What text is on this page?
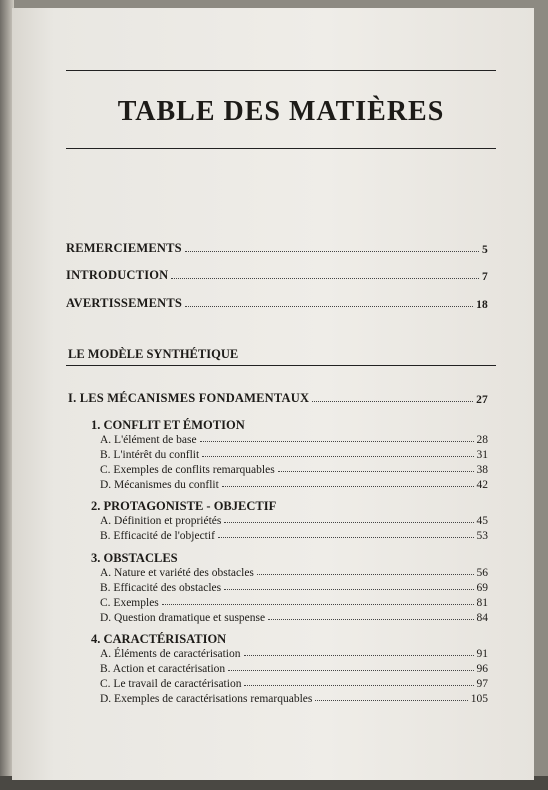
TABLE DES MATIÈRES
REMERCIEMENTS	5
INTRODUCTION	7
AVERTISSEMENTS	18
LE MODÈLE SYNTHÉTIQUE
I. LES MÉCANISMES FONDAMENTAUX	27
1. CONFLIT ET ÉMOTION
A. L'élément de base	28
B. L'intérêt du conflit	31
C. Exemples de conflits remarquables	38
D. Mécanismes du conflit	42
2. PROTAGONISTE - OBJECTIF
A. Définition et propriétés	45
B. Efficacité de l'objectif	53
3. OBSTACLES
A. Nature et variété des obstacles	56
B. Efficacité des obstacles	69
C. Exemples	81
D. Question dramatique et suspense	84
4. CARACTÉRISATION
A. Éléments de caractérisation	91
B. Action et caractérisation	96
C. Le travail de caractérisation	97
D. Exemples de caractérisations remarquables	105
